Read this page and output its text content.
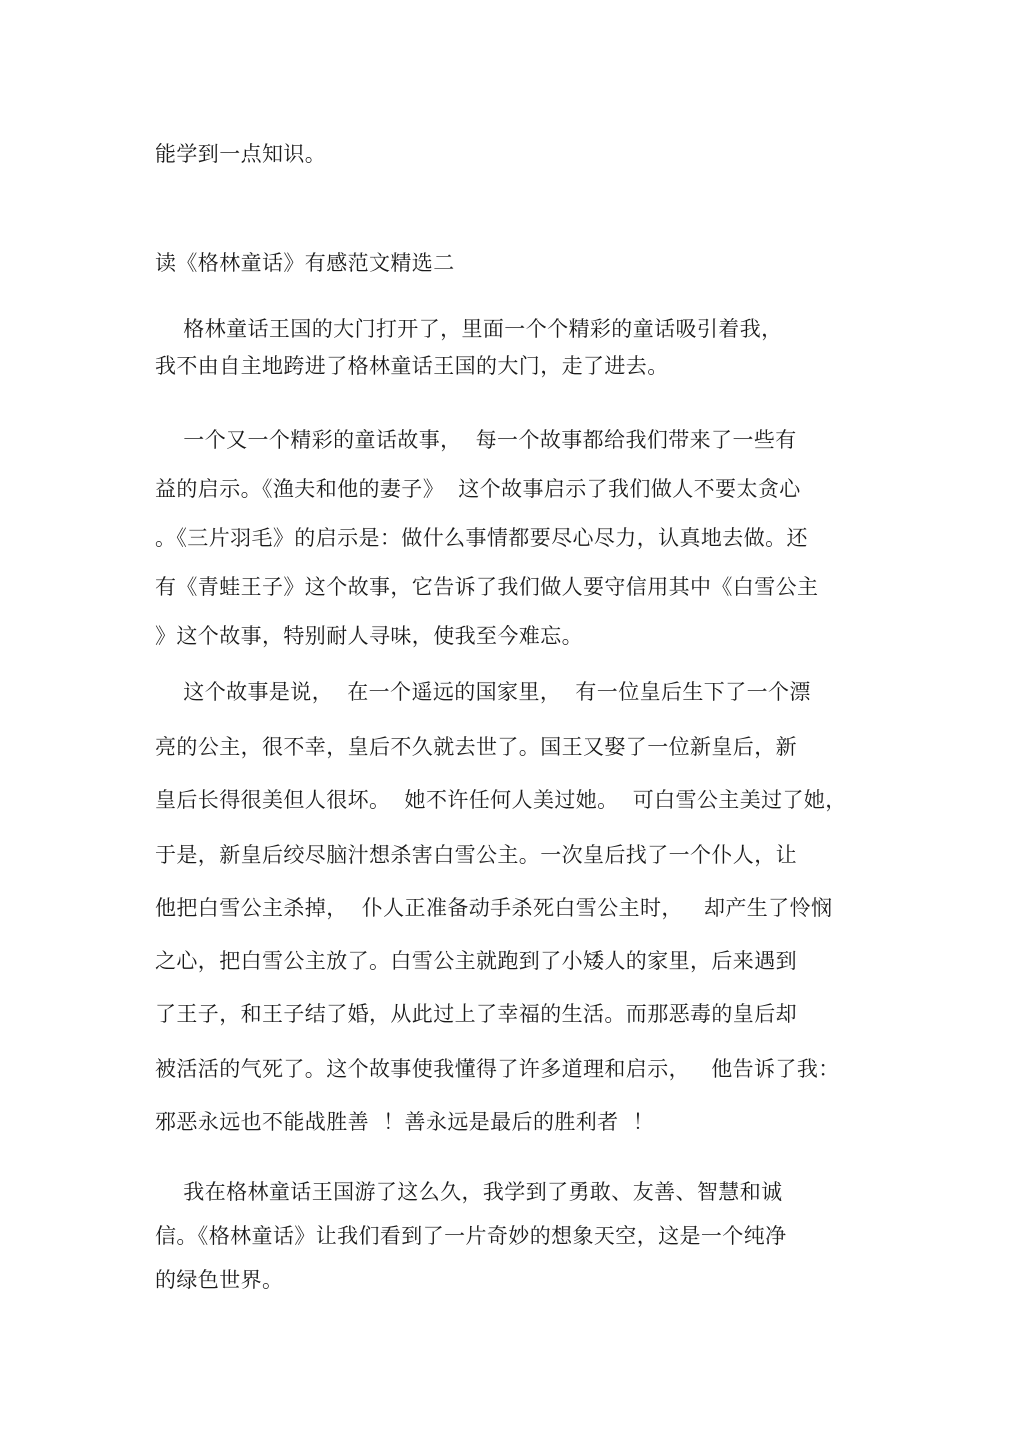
能学到一点知识。
读《格林童话》有感范文精选二
格林童话王国的大门打开了，里面一个个精彩的童话吸引着我，
我不由自主地跨进了格林童话王国的大门，走了进去。
一个又一个精彩的童话故事，  每一个故事都给我们带来了一些有
益的启示。《渔夫和他的妻子》  这个故事启示了我们做人不要太贪心
。《三片羽毛》的启示是：做什么事情都要尽心尽力，认真地去做。还
有《青蛙王子》这个故事，它告诉了我们做人要守信用其中《白雪公主
》这个故事，特别耐人寻味，使我至今难忘。
这个故事是说，  在一个遥远的国家里，  有一位皇后生下了一个漂
亮的公主，很不幸，皇后不久就去世了。国王又娶了一位新皇后，新
皇后长得很美但人很坏。  她不许任何人美过她。  可白雪公主美过了她，
于是，新皇后绞尽脑汁想杀害白雪公主。一次皇后找了一个仆人，让
他把白雪公主杀掉，  仆人正准备动手杀死白雪公主时，   却产生了怜悯
之心，把白雪公主放了。白雪公主就跑到了小矮人的家里，后来遇到
了王子，和王子结了婚，从此过上了幸福的生活。而那恶毒的皇后却
被活活的气死了。这个故事使我懂得了许多道理和启示，   他告诉了我：
邪恶永远也不能战胜善  ！善永远是最后的胜利者  ！
我在格林童话王国游了这么久，我学到了勇敢、友善、智慧和诚
信。《格林童话》让我们看到了一片奇妙的想象天空，这是一个纯净
的绿色世界。
